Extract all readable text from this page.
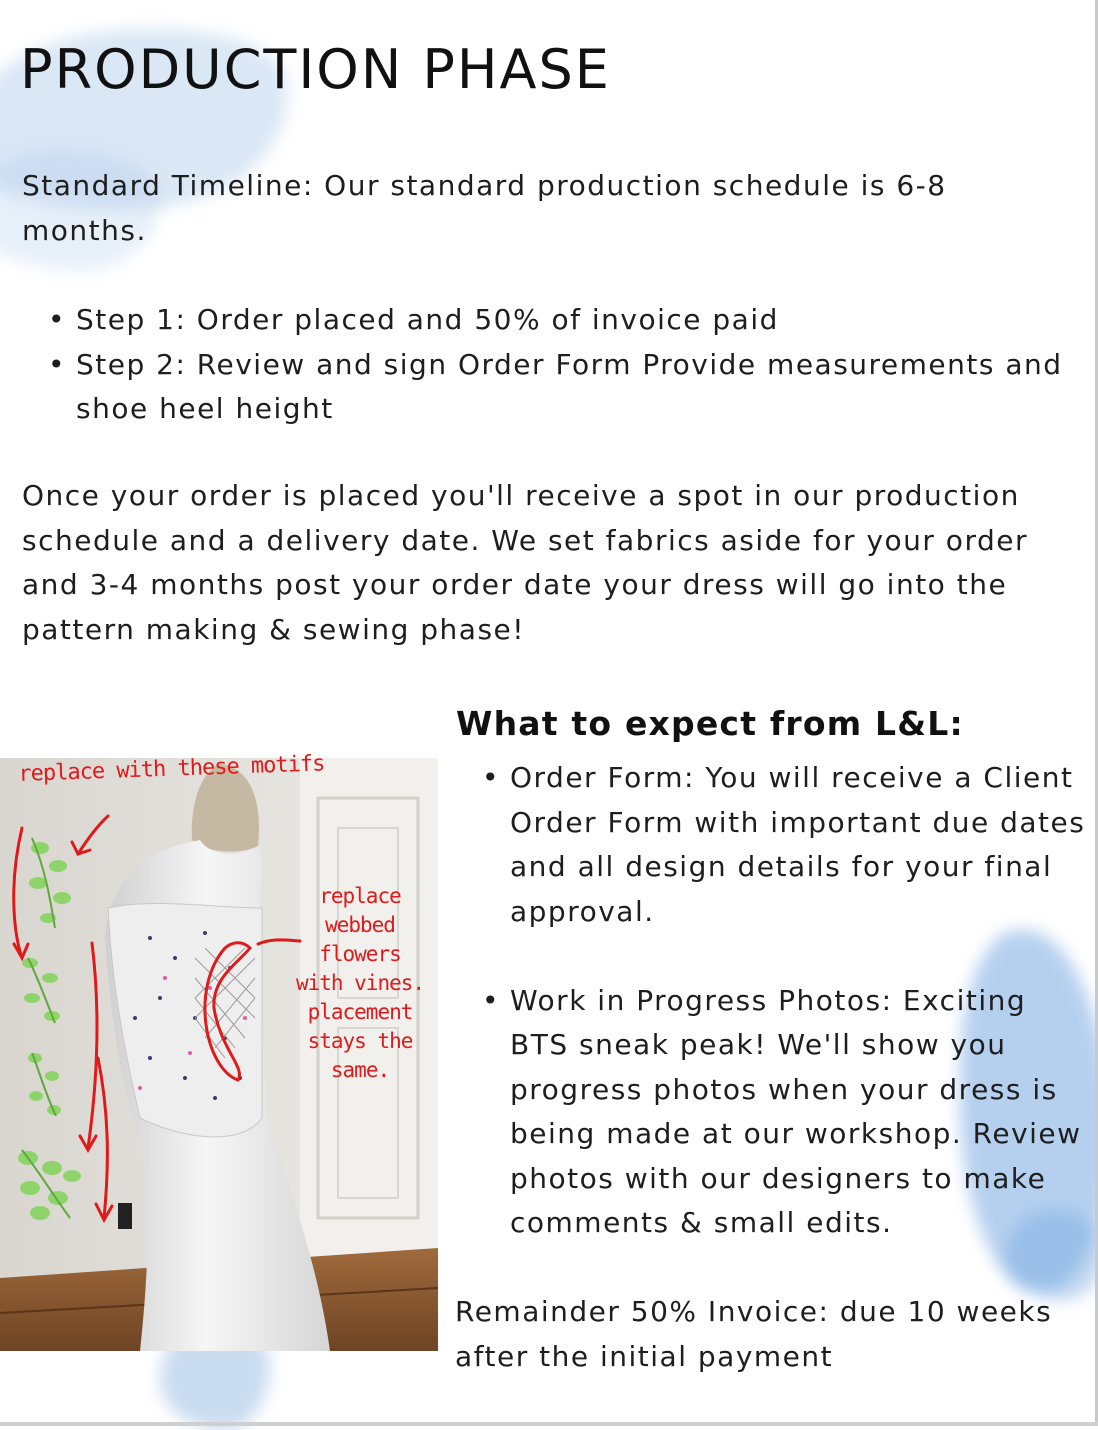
PRODUCTION PHASE

Standard Timeline: Our standard production schedule is 6-8 months.

• Step 1: Order placed and 50% of invoice paid
• Step 2: Review and sign Order Form Provide measurements and shoe heel height

Once your order is placed you'll receive a spot in our production schedule and a delivery date. We set fabrics aside for your order and 3-4 months post your order date your dress will go into the pattern making & sewing phase!

replace with these motifs
replace
webbed
flowers
with vines.
placement
stays the
same.
What to expect from L&L:
• Order Form: You will receive a Client Order Form with important due dates and all design details for your final approval.
• Work in Progress Photos: Exciting BTS sneak peak! We'll show you progress photos when your dress is being made at our workshop. Review photos with our designers to make comments & small edits.

Remainder 50% Invoice: due 10 weeks after the initial payment
